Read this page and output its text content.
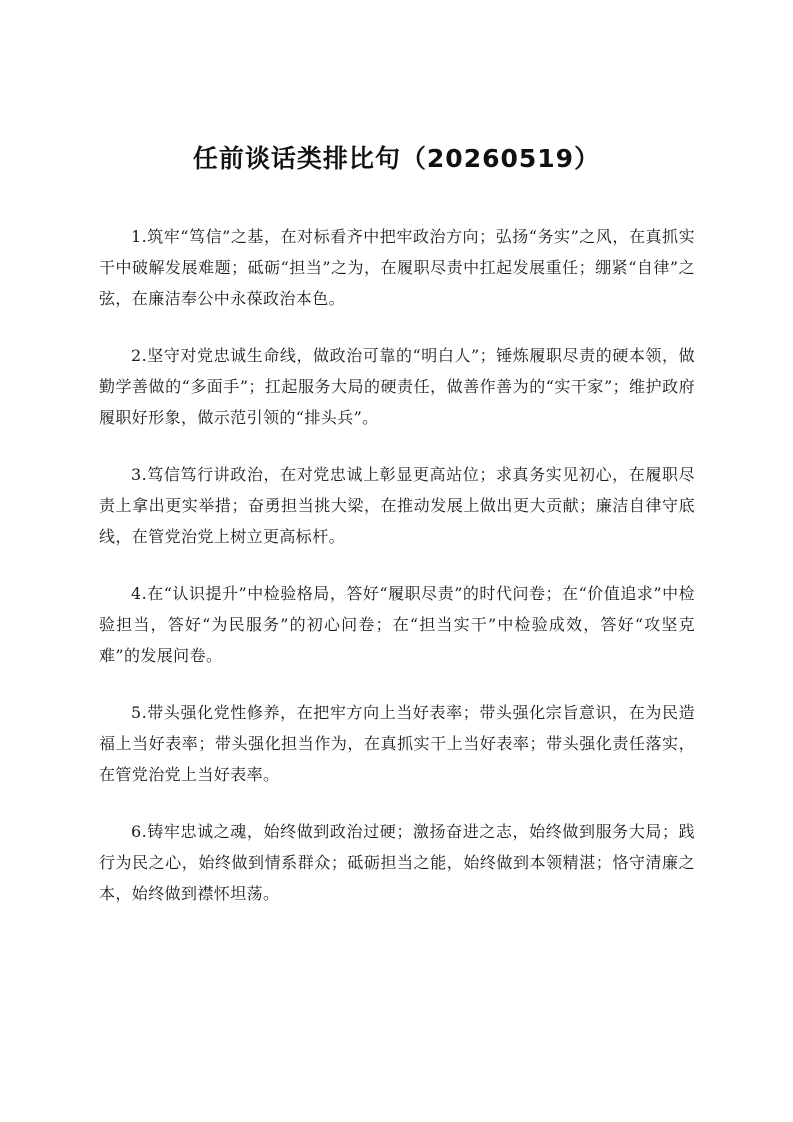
任前谈话类排比句（20260519）

1.筑牢“笃信”之基，在对标看齐中把牢政治方向；弘扬“务实”之风，在真抓实干中破解发展难题；砥砺“担当”之为，在履职尽责中扛起发展重任；绷紧“自律”之弦，在廉洁奉公中永葆政治本色。

2.坚守对党忠诚生命线，做政治可靠的“明白人”；锤炼履职尽责的硬本领，做勤学善做的“多面手”；扛起服务大局的硬责任，做善作善为的“实干家”；维护政府履职好形象，做示范引领的“排头兵”。

3.笃信笃行讲政治，在对党忠诚上彰显更高站位；求真务实见初心，在履职尽责上拿出更实举措；奋勇担当挑大梁，在推动发展上做出更大贡献；廉洁自律守底线，在管党治党上树立更高标杆。

4.在“认识提升”中检验格局，答好“履职尽责”的时代问卷；在“价值追求”中检验担当，答好“为民服务”的初心问卷；在“担当实干”中检验成效，答好“攻坚克难”的发展问卷。

5.带头强化党性修养，在把牢方向上当好表率；带头强化宗旨意识，在为民造福上当好表率；带头强化担当作为，在真抓实干上当好表率；带头强化责任落实，在管党治党上当好表率。

6.铸牢忠诚之魂，始终做到政治过硬；激扬奋进之志，始终做到服务大局；践行为民之心，始终做到情系群众；砥砺担当之能，始终做到本领精湛；恪守清廉之本，始终做到襟怀坦荡。
